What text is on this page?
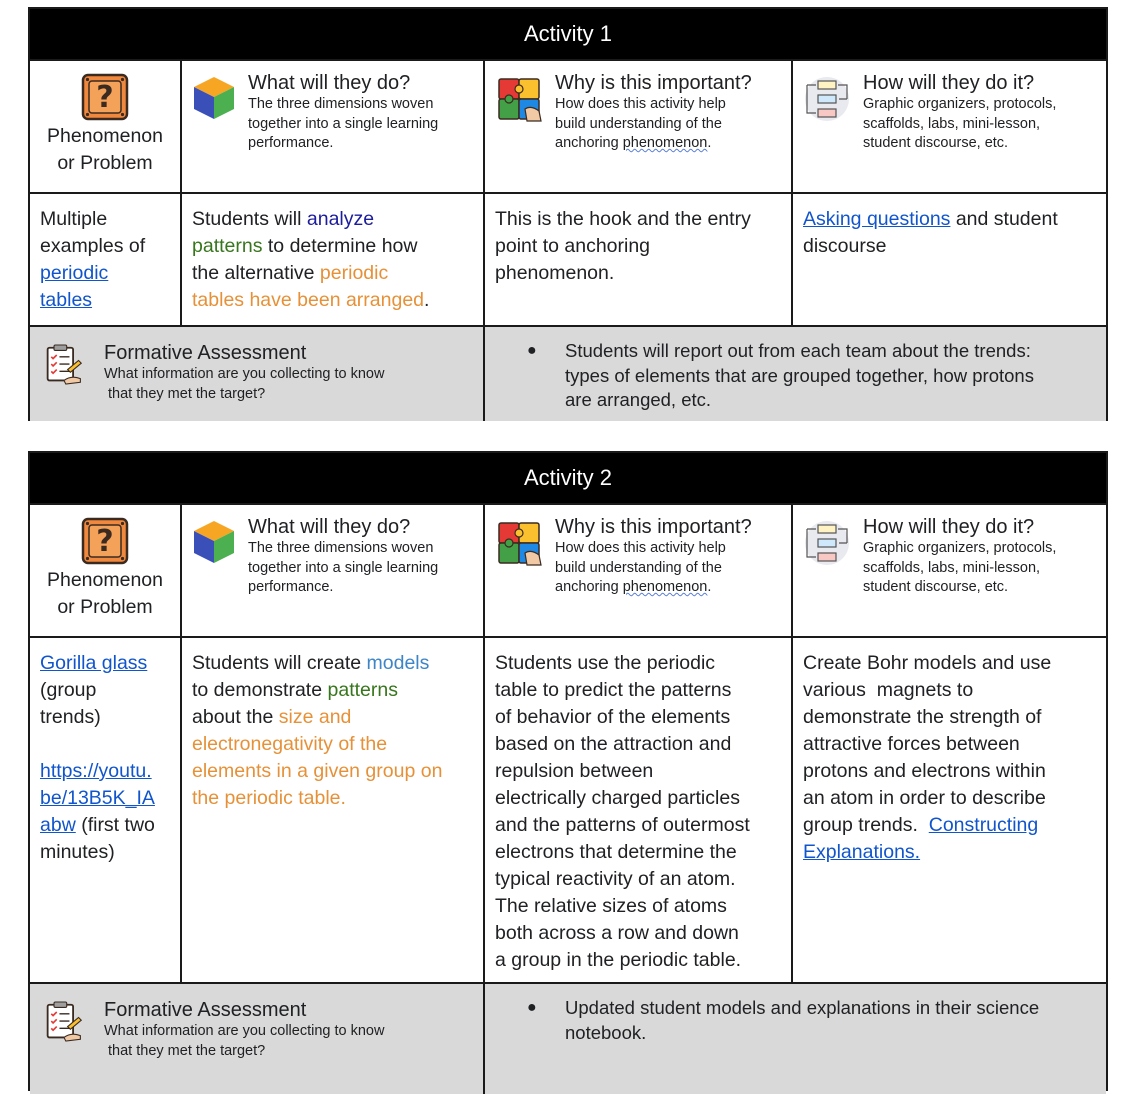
Activity 1
Phenomenon
or Problem
What will they do?
The three dimensions woven
together into a single learning
performance.
Why is this important?
How does this activity help
build understanding of the
anchoring phenomenon.
How will they do it?
Graphic organizers, protocols,
scaffolds, labs, mini-lesson,
student discourse, etc.
Multiple
examples of
periodic
tables
Students will analyze
patterns to determine how
the alternative periodic
tables have been arranged.
This is the hook and the entry
point to anchoring
phenomenon.
Asking questions and student
discourse
Formative Assessment
What information are you collecting to know
that they met the target?
●	Students will report out from each team about the trends:
types of elements that are grouped together, how protons
are arranged, etc.
Activity 2
Phenomenon
or Problem
What will they do?
The three dimensions woven
together into a single learning
performance.
Why is this important?
How does this activity help
build understanding of the
anchoring phenomenon.
How will they do it?
Graphic organizers, protocols,
scaffolds, labs, mini-lesson,
student discourse, etc.
Gorilla glass
(group
trends)
https://youtu.
be/13B5K_IA
abw (first two
minutes)
Students will create models
to demonstrate patterns
about the size and
electronegativity of the
elements in a given group on
the periodic table.
Students use the periodic
table to predict the patterns
of behavior of the elements
based on the attraction and
repulsion between
electrically charged particles
and the patterns of outermost
electrons that determine the
typical reactivity of an atom.
The relative sizes of atoms
both across a row and down
a group in the periodic table.
Create Bohr models and use
various  magnets to
demonstrate the strength of
attractive forces between
protons and electrons within
an atom in order to describe
group trends.  Constructing
Explanations.
Formative Assessment
What information are you collecting to know
that they met the target?
●	Updated student models and explanations in their science
notebook.
